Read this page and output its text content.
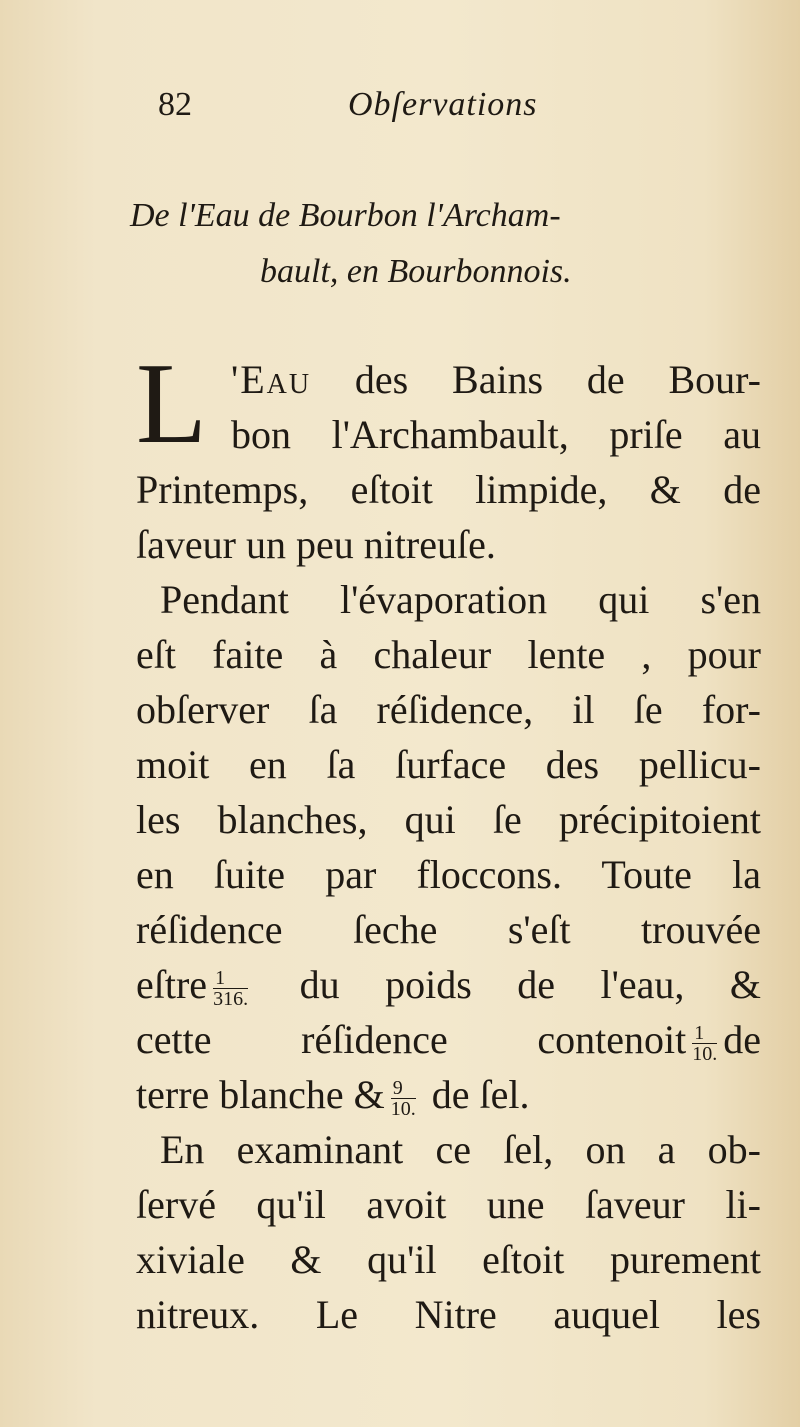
82	Obſervations
De l'Eau de Bourbon l'Archam-
bault, en Bourbonnois.
L 'Eau des Bains de Bour-
bon l'Archambault, priſe au
Printemps, eſtoit limpide, & de
ſaveur un peu nitreuſe.
Pendant l'évaporation qui s'en
eſt faite à chaleur lente , pour
obſerver ſa réſidence, il ſe for-
moit en ſa ſurface des pellicu-
les blanches, qui ſe précipitoient
en ſuite par floccons. Toute la
réſidence ſeche s'eſt trouvée
eſtre $\frac{1}{316.}$ du poids de l'eau, &
cette réſidence contenoit $\frac{1}{10.}$ de
terre blanche & $\frac{9}{10.}$ de ſel.
En examinant ce ſel, on a ob-
ſervé qu'il avoit une ſaveur li-
xiviale & qu'il eſtoit purement
nitreux. Le Nitre auquel les
